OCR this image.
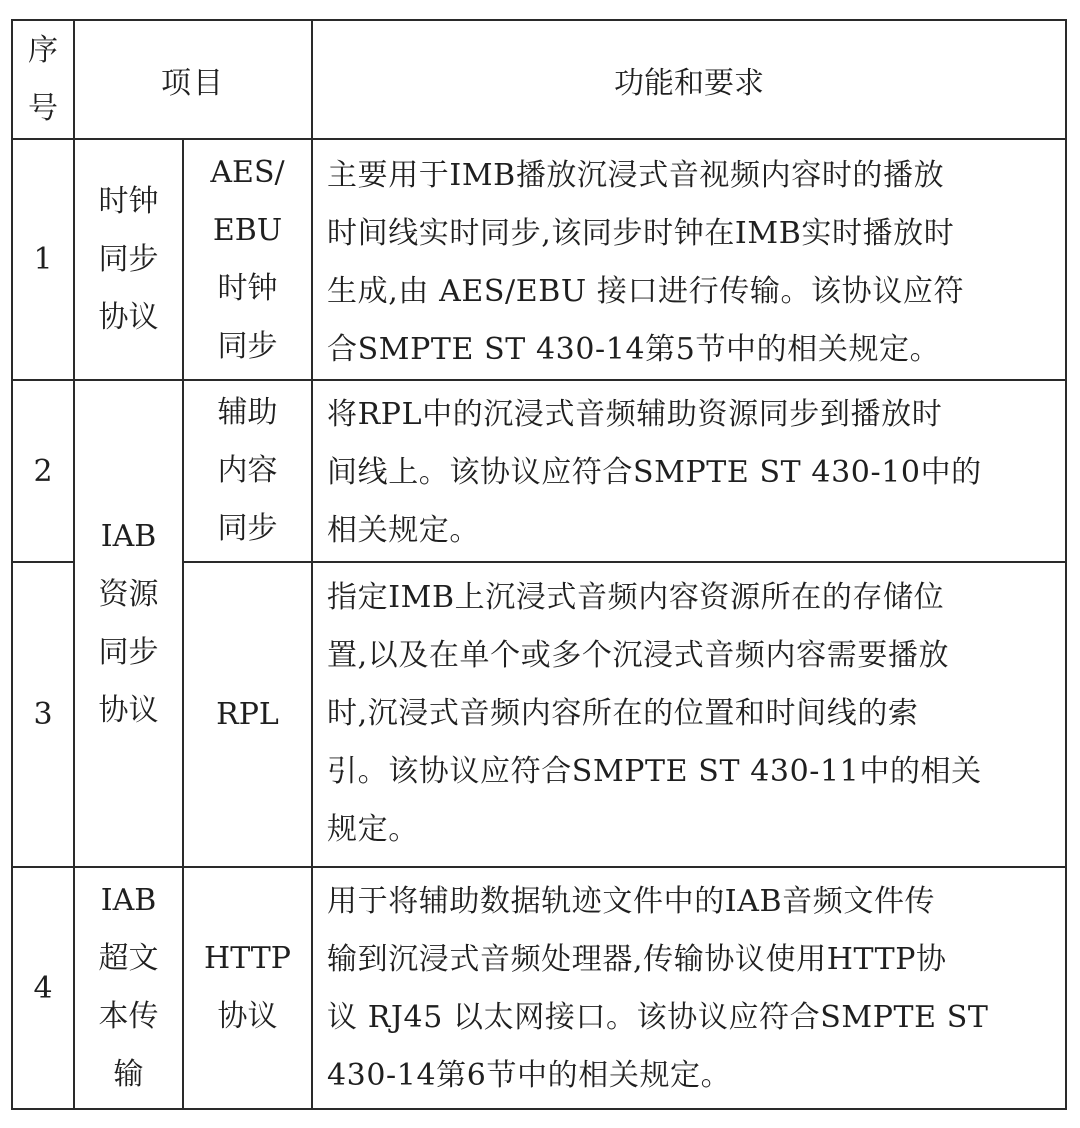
序
号
项目	功能和要求
1
时钟
同步
协议
AES/
EBU
时钟
同步
主要用于IMB播放沉浸式音视频内容时的播放
时间线实时同步,该同步时钟在IMB实时播放时
生成,由 AES/EBU 接口进行传输。该协议应符
合SMPTE ST 430-14第5节中的相关规定。
2
辅助
内容
同步
将RPL中的沉浸式音频辅助资源同步到播放时
间线上。该协议应符合SMPTE ST 430-10中的
相关规定。
IAB
资源
同步
协议
3	RPL
指定IMB上沉浸式音频内容资源所在的存储位
置,以及在单个或多个沉浸式音频内容需要播放
时,沉浸式音频内容所在的位置和时间线的索
引。该协议应符合SMPTE ST 430-11中的相关
规定。
4
IAB
超文
本传
输
HTTP
协议
用于将辅助数据轨迹文件中的IAB音频文件传
输到沉浸式音频处理器,传输协议使用HTTP协
议 RJ45 以太网接口。该协议应符合SMPTE ST
430-14第6节中的相关规定。
